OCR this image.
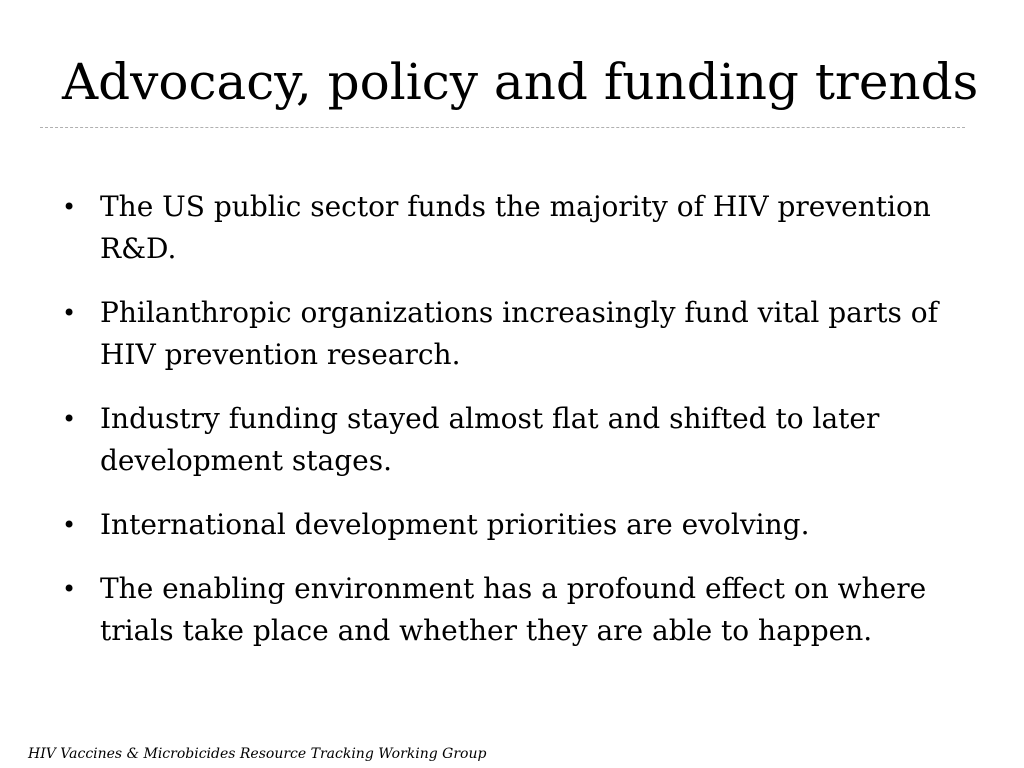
Advocacy, policy and funding trends
• The US public sector funds the majority of HIV prevention R&D.
• Philanthropic organizations increasingly fund vital parts of HIV prevention research.
• Industry funding stayed almost flat and shifted to later development stages.
• International development priorities are evolving.
• The enabling environment has a profound effect on where trials take place and whether they are able to happen.
HIV Vaccines & Microbicides Resource Tracking Working Group
